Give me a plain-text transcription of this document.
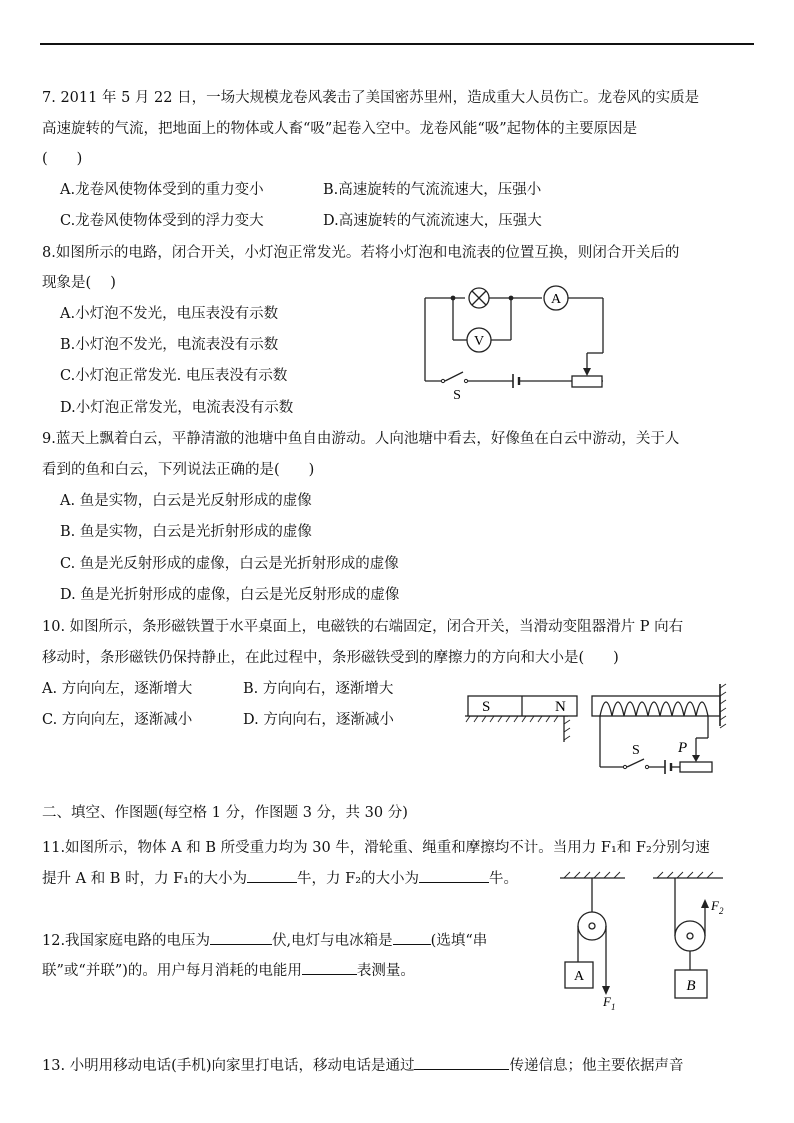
7. 2011 年 5 月 22 日，一场大规模龙卷风袭击了美国密苏里州，造成重大人员伤亡。龙卷风的实质是
高速旋转的气流，把地面上的物体或人畜“吸”起卷入空中。龙卷风能“吸”起物体的主要原因是
(　　)
A.龙卷风使物体受到的重力变小	B.高速旋转的气流流速大，压强小
C.龙卷风使物体受到的浮力变大	D.高速旋转的气流流速大，压强大
8.如图所示的电路，闭合开关，小灯泡正常发光。若将小灯泡和电流表的位置互换，则闭合开关后的
现象是(　 )
A.小灯泡不发光，电压表没有示数
B.小灯泡不发光，电流表没有示数
C.小灯泡正常发光. 电压表没有示数
D.小灯泡正常发光，电流表没有示数
A
V
S
9.蓝天上飘着白云，平静清澈的池塘中鱼自由游动。人向池塘中看去，好像鱼在白云中游动，关于人
看到的鱼和白云，下列说法正确的是(　　)
A. 鱼是实物，白云是光反射形成的虚像
B. 鱼是实物，白云是光折射形成的虚像
C. 鱼是光反射形成的虚像，白云是光折射形成的虚像
D. 鱼是光折射形成的虚像，白云是光反射形成的虚像
10. 如图所示，条形磁铁置于水平桌面上，电磁铁的右端固定，闭合开关，当滑动变阻器滑片 P 向右
移动时，条形磁铁仍保持静止，在此过程中，条形磁铁受到的摩擦力的方向和大小是(　　)
A. 方向向左，逐渐增大	B. 方向向右，逐渐增大
C. 方向向左，逐渐减小	D. 方向向右，逐渐减小
S	N
S	P
二、填空、作图题(每空格 1 分，作图题 3 分，共 30 分)
11.如图所示，物体 A 和 B 所受重力均为 30 牛，滑轮重、绳重和摩擦均不计。当用力 F₁和 F₂分别匀速
提升 A 和 B 时，力 F₁的大小为	牛，力 F₂的大小为	牛。
A
B
$F_1$
$F_2$
12.我国家庭电路的电压为	伏,电灯与电冰箱是	(选填“串
联”或“并联”)的。用户每月消耗的电能用	表测量。
13. 小明用移动电话(手机)向家里打电话，移动电话是通过	传递信息；他主要依据声音
